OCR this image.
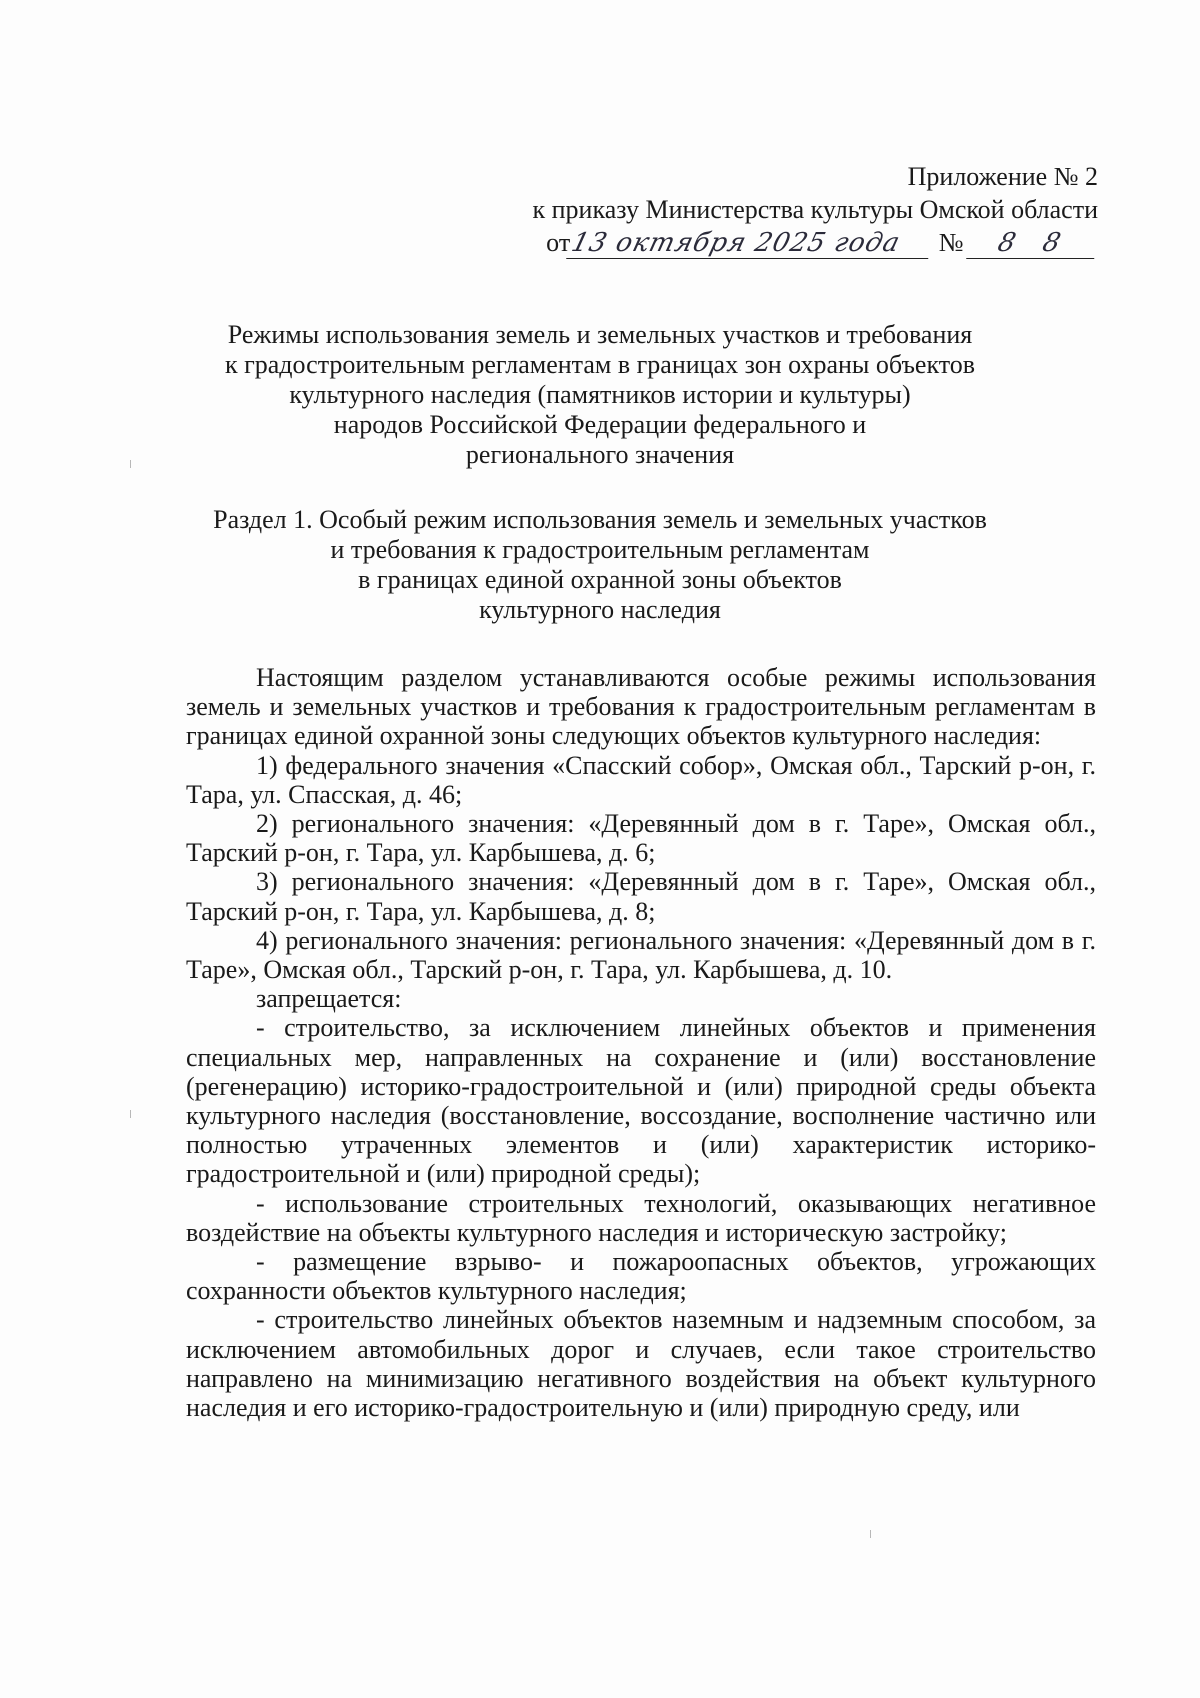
Приложение № 2
к приказу Министерства культуры Омской области
от13 октября 2025 года № 8 8
Режимы использования земель и земельных участков и требования
к градостроительным регламентам в границах зон охраны объектов
культурного наследия (памятников истории и культуры)
народов Российской Федерации федерального и
регионального значения
Раздел 1. Особый режим использования земель и земельных участков
и требования к градостроительным регламентам
в границах единой охранной зоны объектов
культурного наследия

Настоящим разделом устанавливаются особые режимы использования земель и земельных участков и требования к градостроительным регламентам в границах единой охранной зоны следующих объектов культурного наследия:

1) федерального значения «Спасский собор», Омская обл., Тарский р-он, г. Тара, ул. Спасская, д. 46;

2) регионального значения: «Деревянный дом в г. Таре», Омская обл., Тарский р-он, г. Тара, ул. Карбышева, д. 6;

3) регионального значения: «Деревянный дом в г. Таре», Омская обл., Тарский р-он, г. Тара, ул. Карбышева, д. 8;

4) регионального значения: регионального значения: «Деревянный дом в г. Таре», Омская обл., Тарский р-он, г. Тара, ул. Карбышева, д. 10.

запрещается:

- строительство, за исключением линейных объектов и применения специальных мер, направленных на сохранение и (или) восстановление (регенерацию) историко-градостроительной и (или) природной среды объекта культурного наследия (восстановление, воссоздание, восполнение частично или полностью утраченных элементов и (или) характеристик историко- градостроительной и (или) природной среды);

- использование строительных технологий, оказывающих негативное воздействие на объекты культурного наследия и историческую застройку;

- размещение взрыво- и пожароопасных объектов, угрожающих сохранности объектов культурного наследия;

- строительство линейных объектов наземным и надземным способом, за исключением автомобильных дорог и случаев, если такое строительство направлено на минимизацию негативного воздействия на объект культурного наследия и его историко-градостроительную и (или) природную среду, или
